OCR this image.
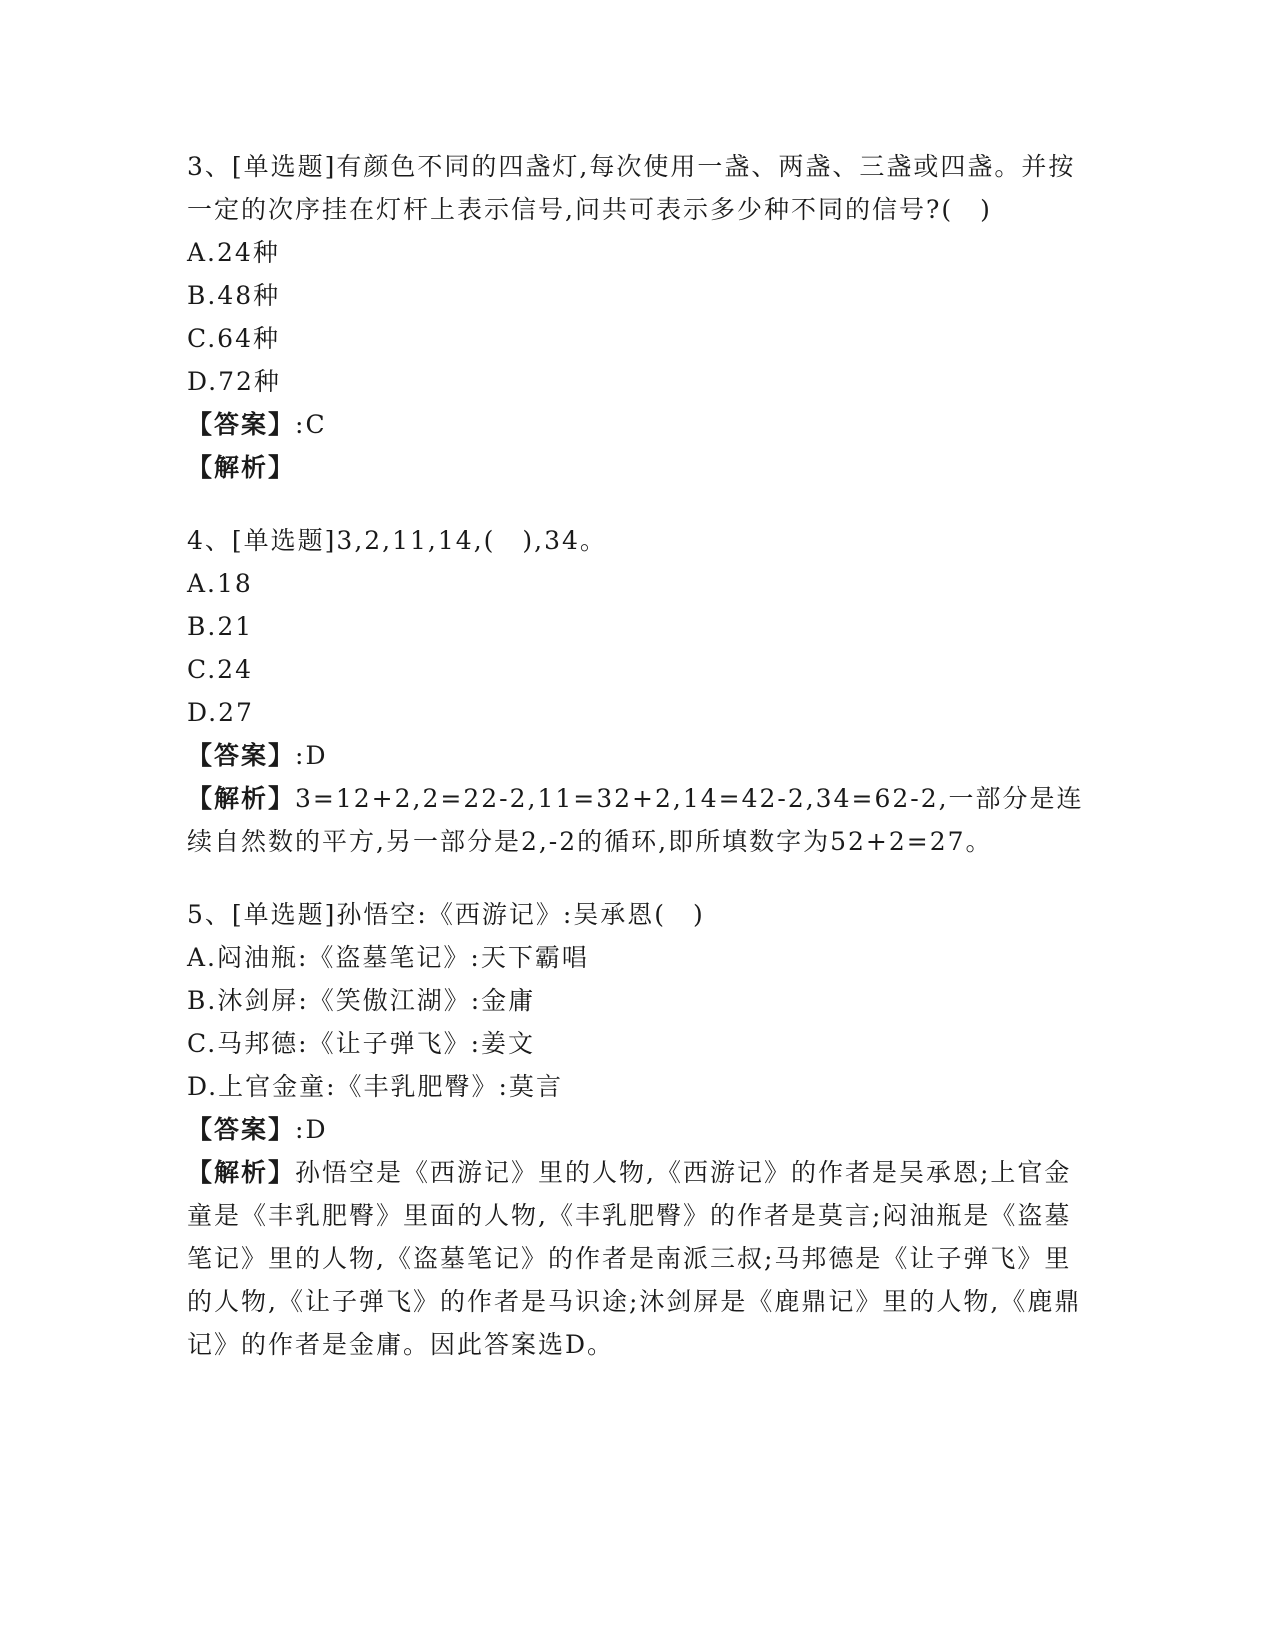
3、[单选题]有颜色不同的四盏灯,每次使用一盏、两盏、三盏或四盏。并按一定的次序挂在灯杆上表示信号,问共可表示多少种不同的信号?(　)
A.24种
B.48种
C.64种
D.72种
【答案】:C
【解析】
4、[单选题]3,2,11,14,(　),34。
A.18
B.21
C.24
D.27
【答案】:D
【解析】3=12+2,2=22-2,11=32+2,14=42-2,34=62-2,一部分是连续自然数的平方,另一部分是2,-2的循环,即所填数字为52+2=27。
5、[单选题]孙悟空:《西游记》:吴承恩(　)
A.闷油瓶:《盗墓笔记》:天下霸唱
B.沐剑屏:《笑傲江湖》:金庸
C.马邦德:《让子弹飞》:姜文
D.上官金童:《丰乳肥臀》:莫言
【答案】:D
【解析】孙悟空是《西游记》里的人物,《西游记》的作者是吴承恩;上官金童是《丰乳肥臀》里面的人物,《丰乳肥臀》的作者是莫言;闷油瓶是《盗墓笔记》里的人物,《盗墓笔记》的作者是南派三叔;马邦德是《让子弹飞》里的人物,《让子弹飞》的作者是马识途;沐剑屏是《鹿鼎记》里的人物,《鹿鼎记》的作者是金庸。因此答案选D。
